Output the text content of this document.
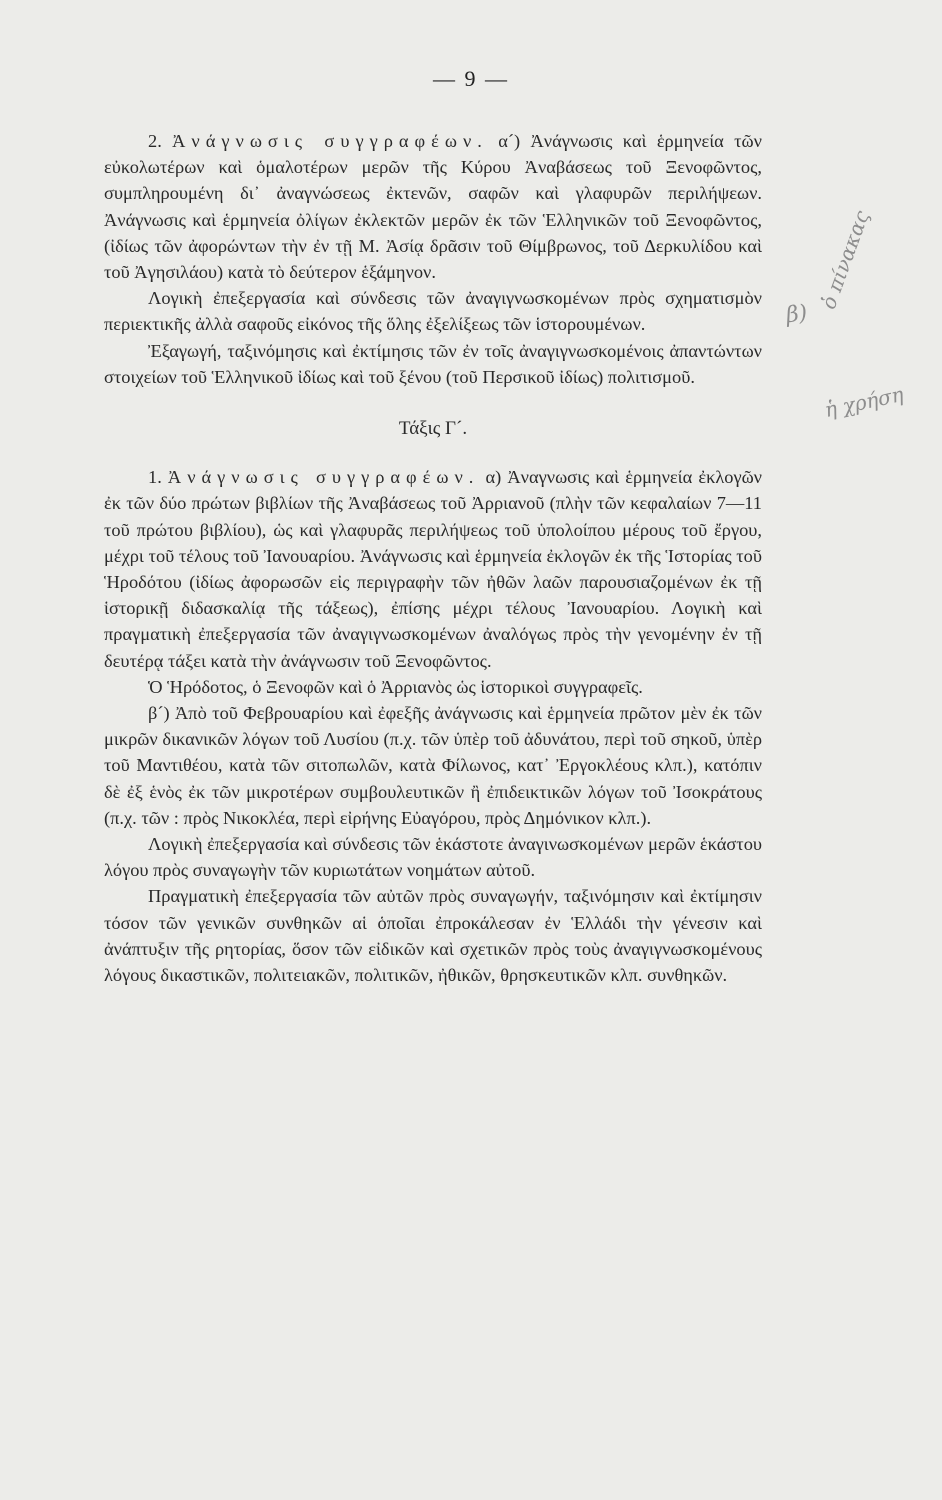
— 9 —

2. Ἀνάγνωσις συγγραφέων. α´) Ἀνάγνωσις καὶ ἑρμηνεία τῶν εὐκολωτέρων καὶ ὁμαλοτέρων μερῶν τῆς Κύρου Ἀναβάσεως τοῦ Ξενοφῶντος, συμπληρουμένη δι᾽ ἀναγνώσεως ἐκτενῶν, σαφῶν καὶ γλαφυρῶν περιλήψεων. Ἀνάγνωσις καὶ ἑρμηνεία ὀλίγων ἐκλεκτῶν μερῶν ἐκ τῶν Ἑλληνικῶν τοῦ Ξενοφῶντος, (ἰδίως τῶν ἀφορώντων τὴν ἐν τῇ Μ. Ἀσίᾳ δρᾶσιν τοῦ Θίμβρωνος, τοῦ Δερκυλίδου καὶ τοῦ Ἀγησιλάου) κατὰ τὸ δεύτερον ἑξάμηνον.

Λογικὴ ἐπεξεργασία καὶ σύνδεσις τῶν ἀναγιγνωσκομένων πρὸς σχηματισμὸν περιεκτικῆς ἀλλὰ σαφοῦς εἰκόνος τῆς ὅλης ἐξελίξεως τῶν ἱστορουμένων.

Ἐξαγωγή, ταξινόμησις καὶ ἐκτίμησις τῶν ἐν τοῖς ἀναγιγνωσκομένοις ἀπαντώντων στοιχείων τοῦ Ἑλληνικοῦ ἰδίως καὶ τοῦ ξένου (τοῦ Περσικοῦ ἰδίως) πολιτισμοῦ.

Τάξις Γ´.

1. Ἀνάγνωσις συγγραφέων. α) Ἀναγνωσις καὶ ἑρμηνεία ἐκλογῶν ἐκ τῶν δύο πρώτων βιβλίων τῆς Ἀναβάσεως τοῦ Ἀρριανοῦ (πλὴν τῶν κεφαλαίων 7—11 τοῦ πρώτου βιβλίου), ὡς καὶ γλαφυρᾶς περιλήψεως τοῦ ὑπολοίπου μέρους τοῦ ἔργου, μέχρι τοῦ τέλους τοῦ Ἰανουαρίου. Ἀνάγνωσις καὶ ἑρμηνεία ἐκλογῶν ἐκ τῆς Ἱστορίας τοῦ Ἡροδότου (ἰδίως ἀφορωσῶν εἰς περιγραφὴν τῶν ἠθῶν λαῶν παρουσιαζομένων ἐκ τῇ ἱστορικῇ διδασκαλίᾳ τῆς τάξεως), ἐπίσης μέχρι τέλους Ἰανουαρίου. Λογικὴ καὶ πραγματικὴ ἐπεξεργασία τῶν ἀναγιγνωσκομένων ἀναλόγως πρὸς τὴν γενομένην ἐν τῇ δευτέρᾳ τάξει κατὰ τὴν ἀνάγνωσιν τοῦ Ξενοφῶντος.

Ὁ Ἡρόδοτος, ὁ Ξενοφῶν καὶ ὁ Ἀρριανὸς ὡς ἱστορικοὶ συγγραφεῖς.

β´) Ἀπὸ τοῦ Φεβρουαρίου καὶ ἐφεξῆς ἀνάγνωσις καὶ ἑρμηνεία πρῶτον μὲν ἐκ τῶν μικρῶν δικανικῶν λόγων τοῦ Λυσίου (π.χ. τῶν ὑπὲρ τοῦ ἀδυνάτου, περὶ τοῦ σηκοῦ, ὑπὲρ τοῦ Μαντιθέου, κατὰ τῶν σιτοπωλῶν, κατὰ Φίλωνος, κατ᾽ Ἐργοκλέους κλπ.), κατόπιν δὲ ἐξ ἑνὸς ἐκ τῶν μικροτέρων συμβουλευτικῶν ἢ ἐπιδεικτικῶν λόγων τοῦ Ἰσοκράτους (π.χ. τῶν : πρὸς Νικοκλέα, περὶ εἰρήνης Εὐαγόρου, πρὸς Δημόνικον κλπ.).

Λογικὴ ἐπεξεργασία καὶ σύνδεσις τῶν ἑκάστοτε ἀναγινωσκομένων μερῶν ἑκάστου λόγου πρὸς συναγωγὴν τῶν κυριωτάτων νοημάτων αὐτοῦ.

Πραγματικὴ ἐπεξεργασία τῶν αὐτῶν πρὸς συναγωγήν, ταξινόμησιν καὶ ἐκτίμησιν τόσον τῶν γενικῶν συνθηκῶν αἱ ὁποῖαι ἐπροκάλεσαν ἐν Ἑλλάδι τὴν γένεσιν καὶ ἀνάπτυξιν τῆς ρητορίας, ὅσον τῶν εἰδικῶν καὶ σχετικῶν πρὸς τοὺς ἀναγιγνωσκομένους λόγους δικαστικῶν, πολιτειακῶν, πολιτικῶν, ἠθικῶν, θρησκευτικῶν κλπ. συνθηκῶν.

β)
ὁ πίνακας
ἡ χρήση
